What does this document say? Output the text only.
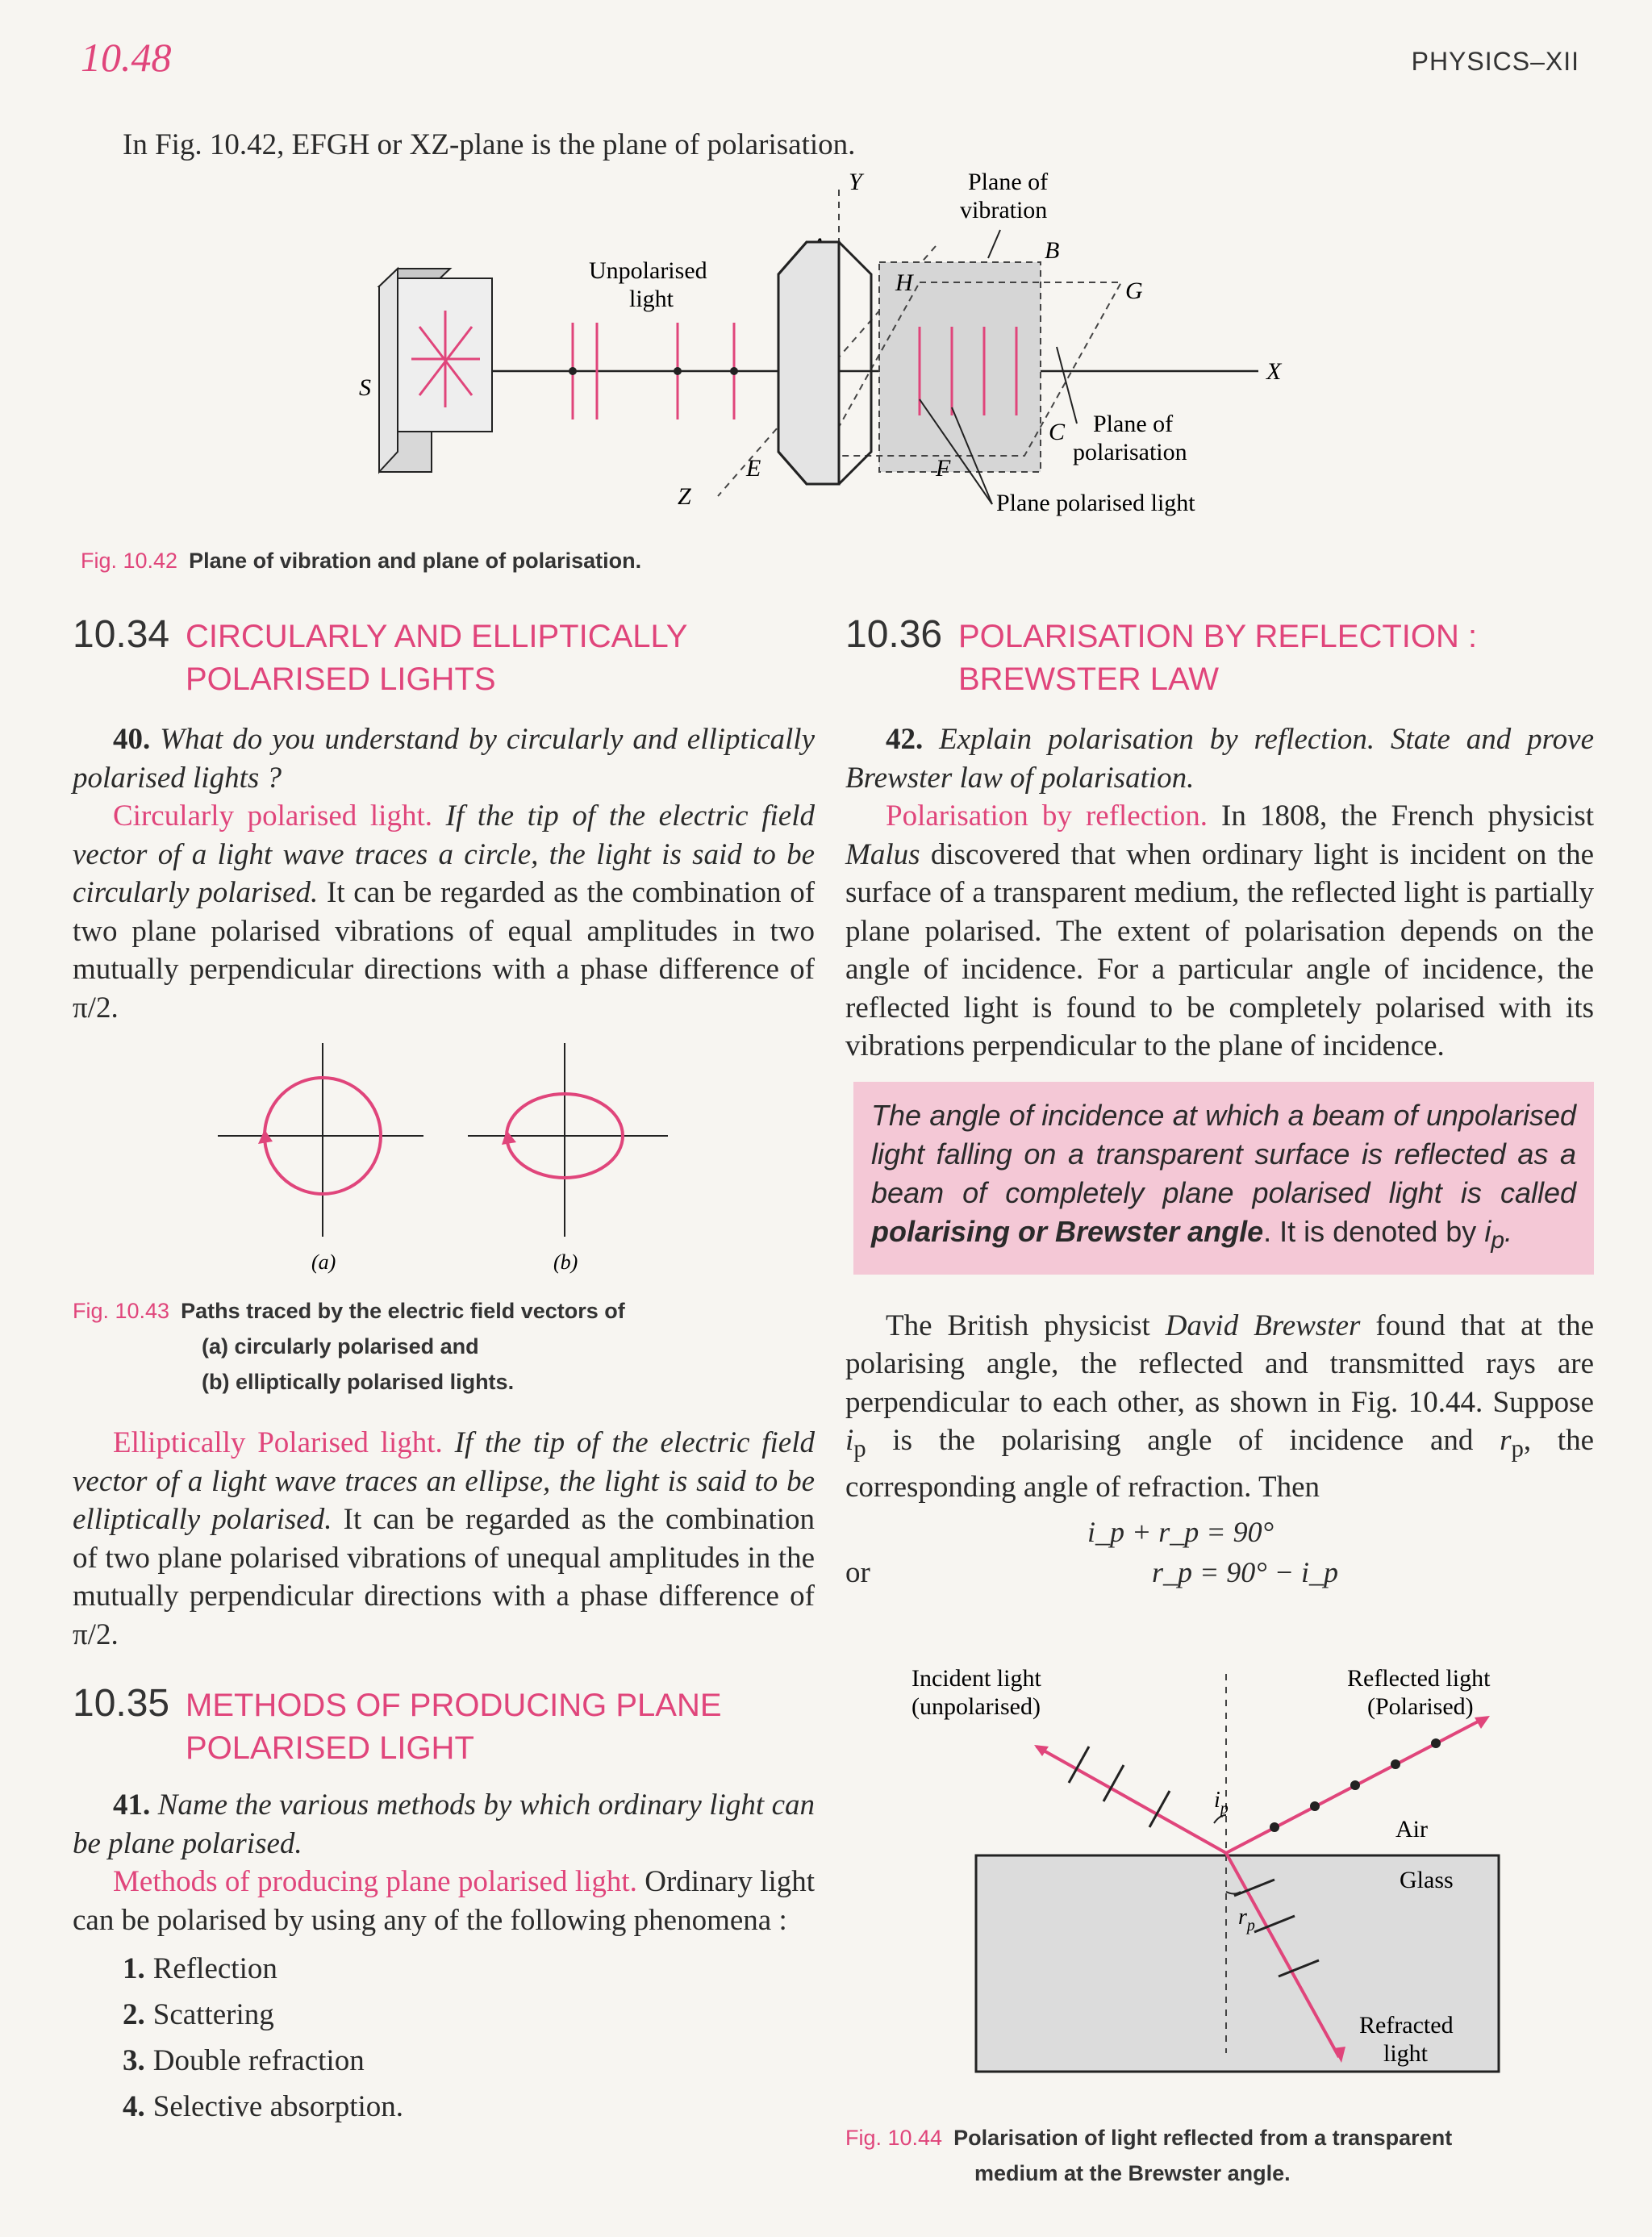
10.48	PHYSICS–XII
In Fig. 10.42, EFGH or XZ-plane is the plane of polarisation.
S
Unpolarised
light
Y
Z
B
C
E	F
G
H
X
Plane of
vibration
Plane of
polarisation
Plane polarised light
Fig. 10.42 Plane of vibration and plane of polarisation.
10.34 CIRCULARLY AND ELLIPTICALLY
POLARISED LIGHTS
40. What do you understand by circularly and elliptically polarised lights ?
Circularly polarised light. If the tip of the electric field vector of a light wave traces a circle, the light is said to be circularly polarised. It can be regarded as the combination of two plane polarised vibrations of equal amplitudes in two mutually perpendicular directions with a phase difference of π/2.
(a)	(b)
Fig. 10.43 Paths traced by the electric field vectors of
(a) circularly polarised and
(b) elliptically polarised lights.
Elliptically Polarised light. If the tip of the electric field vector of a light wave traces an ellipse, the light is said to be elliptically polarised. It can be regarded as the combination of two plane polarised vibrations of unequal amplitudes in the mutually perpendicular directions with a phase difference of π/2.
10.35 METHODS OF PRODUCING PLANE
POLARISED LIGHT
41. Name the various methods by which ordinary light can be plane polarised.
Methods of producing plane polarised light. Ordinary light can be polarised by using any of the following phenomena :
1. Reflection
2. Scattering
3. Double refraction
4. Selective absorption.
10.36 POLARISATION BY REFLECTION :
BREWSTER LAW
42. Explain polarisation by reflection. State and prove Brewster law of polarisation.
Polarisation by reflection. In 1808, the French physicist Malus discovered that when ordinary light is incident on the surface of a transparent medium, the reflected light is partially plane polarised. The extent of polarisation depends on the angle of incidence. For a particular angle of incidence, the reflected light is found to be completely polarised with its vibrations perpendicular to the plane of incidence.
The angle of incidence at which a beam of unpolarised light falling on a transparent surface is reflected as a beam of completely plane polarised light is called polarising or Brewster angle. It is denoted by $i_p$.
The British physicist David Brewster found that at the polarising angle, the reflected and transmitted rays are perpendicular to each other, as shown in Fig. 10.44. Suppose $i_p$ is the polarising angle of incidence and $r_p$, the corresponding angle of refraction. Then
i_p + r_p = 90°
or	r_p = 90° − i_p
$i_p$
$r_p$
Incident light
(unpolarised)
Reflected light
(Polarised)
Air
Glass
Refracted
light
Fig. 10.44 Polarisation of light reflected from a transparent
medium at the Brewster angle.
